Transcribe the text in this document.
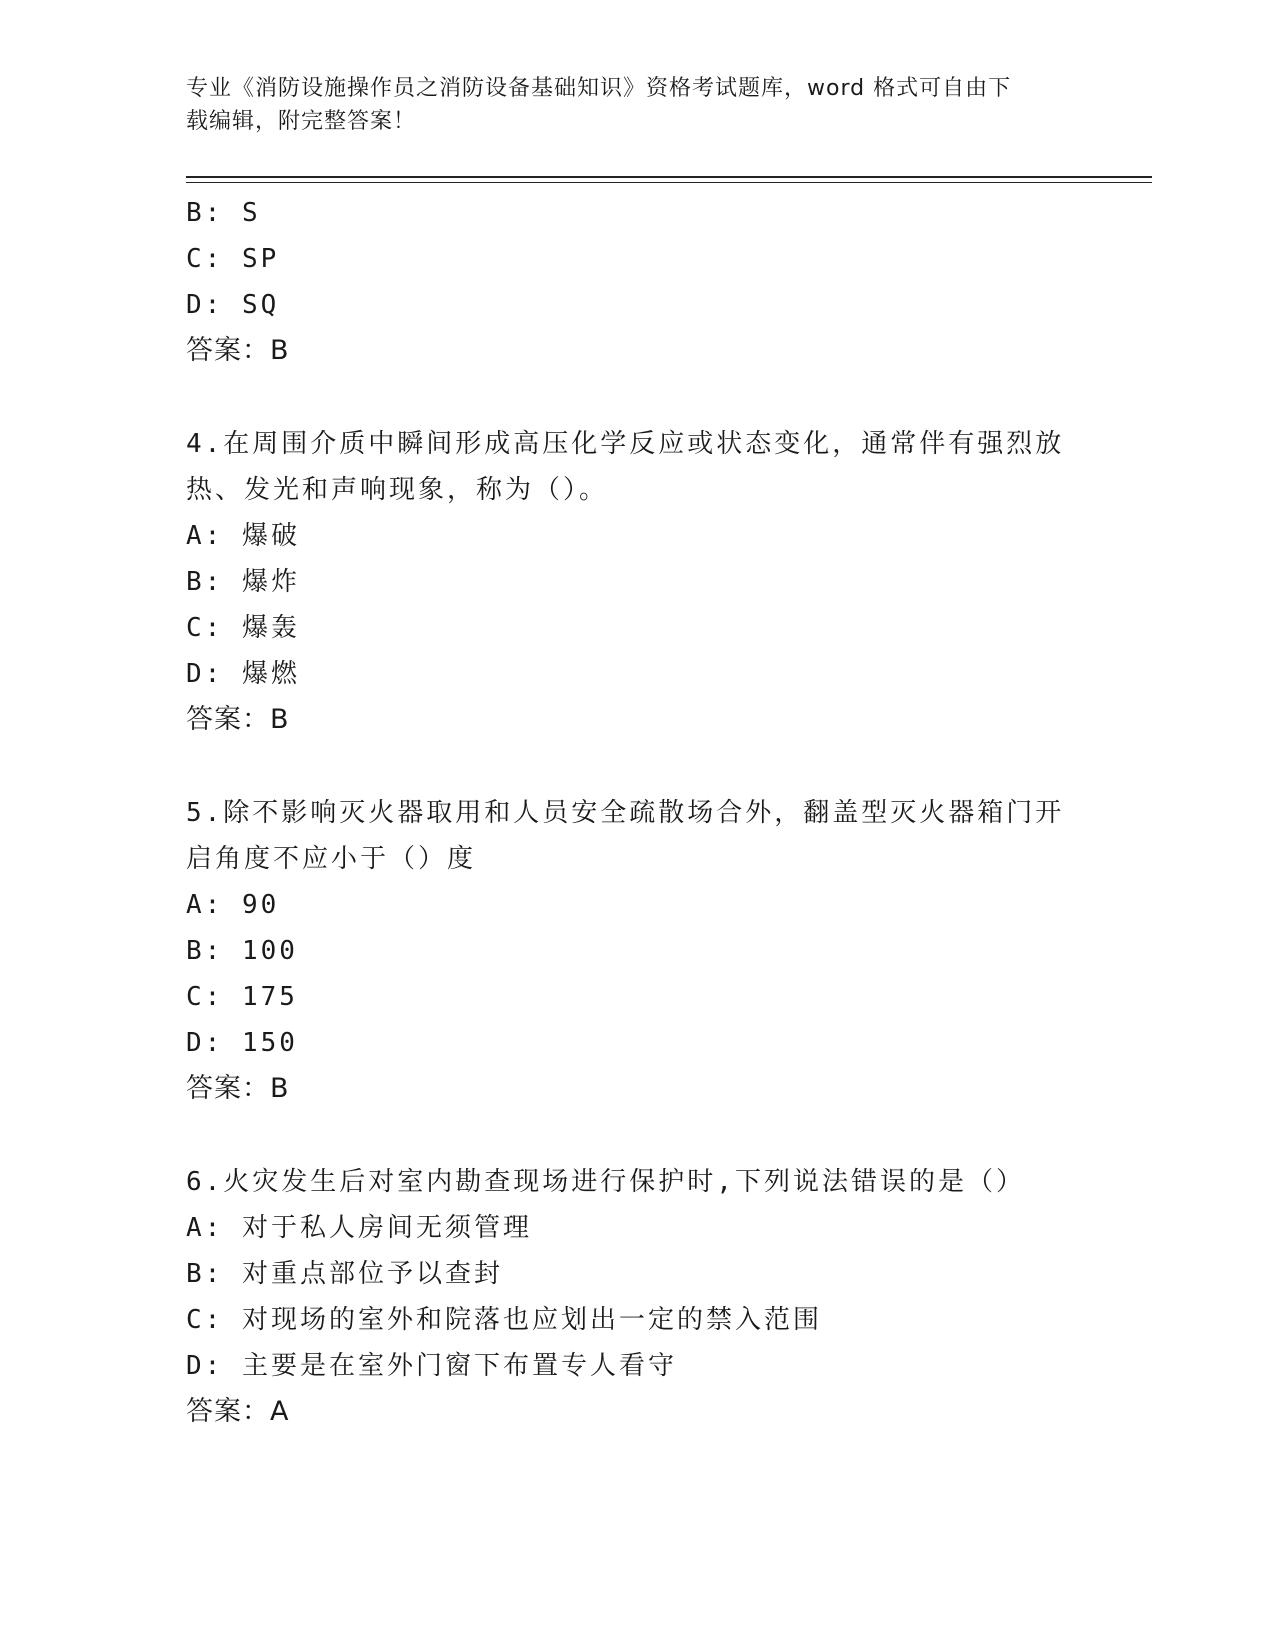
专业《消防设施操作员之消防设备基础知识》资格考试题库，word 格式可自由下
载编辑，附完整答案！
B: S
C: SP
D: SQ
答案：B
4.在周围介质中瞬间形成高压化学反应或状态变化，通常伴有强烈放
热、发光和声响现象，称为（）。
A: 爆破
B: 爆炸
C: 爆轰
D: 爆燃
答案：B
5.除不影响灭火器取用和人员安全疏散场合外，翻盖型灭火器箱门开
启角度不应小于（）度
A: 90
B: 100
C: 175
D: 150
答案：B
6.火灾发生后对室内勘查现场进行保护时,下列说法错误的是（）
A: 对于私人房间无须管理
B: 对重点部位予以查封
C: 对现场的室外和院落也应划出一定的禁入范围
D: 主要是在室外门窗下布置专人看守
答案：A
